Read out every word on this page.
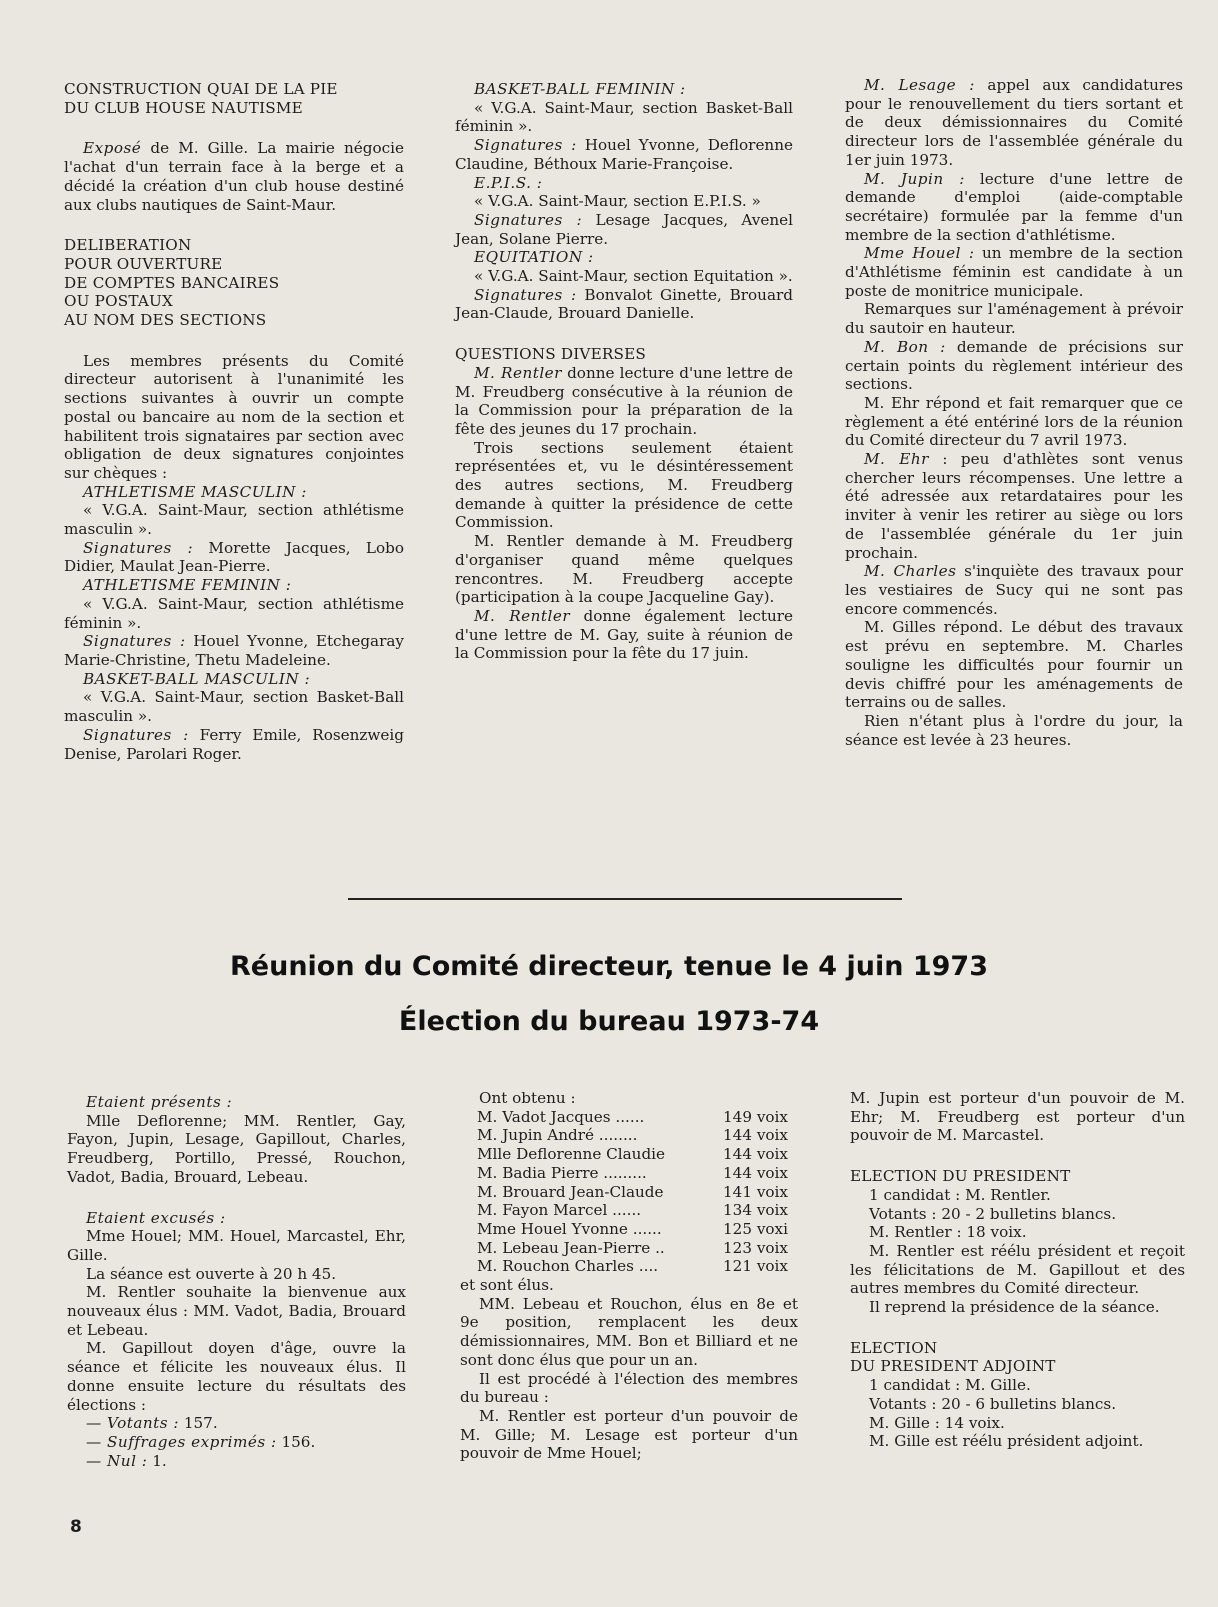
CONSTRUCTION QUAI DE LA PIE
DU CLUB HOUSE NAUTISME

Exposé de M. Gille. La mairie négocie l'achat d'un terrain face à la berge et a décidé la création d'un club house destiné aux clubs nautiques de Saint-Maur.

DELIBERATION
POUR OUVERTURE
DE COMPTES BANCAIRES
OU POSTAUX
AU NOM DES SECTIONS

Les membres présents du Comité directeur autorisent à l'unanimité les sections suivantes à ouvrir un compte postal ou bancaire au nom de la section et habilitent trois signataires par section avec obligation de deux signatures conjointes sur chèques :

ATHLETISME MASCULIN :

« V.G.A. Saint-Maur, section athlétisme masculin ».

Signatures : Morette Jacques, Lobo Didier, Maulat Jean-Pierre.

ATHLETISME FEMININ :

« V.G.A. Saint-Maur, section athlétisme féminin ».

Signatures : Houel Yvonne, Etchegaray Marie-Christine, Thetu Madeleine.

BASKET-BALL MASCULIN :

« V.G.A. Saint-Maur, section Basket-Ball masculin ».

Signatures : Ferry Emile, Rosenzweig Denise, Parolari Roger.

BASKET-BALL FEMININ :

« V.G.A. Saint-Maur, section Basket-Ball féminin ».

Signatures : Houel Yvonne, Deflorenne Claudine, Béthoux Marie-Françoise.

E.P.I.S. :

« V.G.A. Saint-Maur, section E.P.I.S. »

Signatures : Lesage Jacques, Avenel Jean, Solane Pierre.

EQUITATION :

« V.G.A. Saint-Maur, section Equitation ».

Signatures : Bonvalot Ginette, Brouard Jean-Claude, Brouard Danielle.

QUESTIONS DIVERSES

M. Rentler donne lecture d'une lettre de M. Freudberg consécutive à la réunion de la Commission pour la préparation de la fête des jeunes du 17 prochain.

Trois sections seulement étaient représentées et, vu le désintéressement des autres sections, M. Freudberg demande à quitter la présidence de cette Commission.

M. Rentler demande à M. Freudberg d'organiser quand même quelques rencontres. M. Freudberg accepte (participation à la coupe Jacqueline Gay).

M. Rentler donne également lecture d'une lettre de M. Gay, suite à réunion de la Commission pour la fête du 17 juin.

M. Lesage : appel aux candidatures pour le renouvellement du tiers sortant et de deux démissionnaires du Comité directeur lors de l'assemblée générale du 1er juin 1973.

M. Jupin : lecture d'une lettre de demande d'emploi (aide-comptable secrétaire) formulée par la femme d'un membre de la section d'athlétisme.

Mme Houel : un membre de la section d'Athlétisme féminin est candidate à un poste de monitrice municipale.

Remarques sur l'aménagement à prévoir du sautoir en hauteur.

M. Bon : demande de précisions sur certain points du règlement intérieur des sections.

M. Ehr répond et fait remarquer que ce règlement a été entériné lors de la réunion du Comité directeur du 7 avril 1973.

M. Ehr : peu d'athlètes sont venus chercher leurs récompenses. Une lettre a été adressée aux retardataires pour les inviter à venir les retirer au siège ou lors de l'assemblée générale du 1er juin prochain.

M. Charles s'inquiète des travaux pour les vestiaires de Sucy qui ne sont pas encore commencés.

M. Gilles répond. Le début des travaux est prévu en septembre. M. Charles souligne les difficultés pour fournir un devis chiffré pour les aménagements de terrains ou de salles.

Rien n'étant plus à l'ordre du jour, la séance est levée à 23 heures.

Réunion du Comité directeur, tenue le 4 juin 1973
Élection du bureau 1973-74

Etaient présents :

Mlle Deflorenne; MM. Rentler, Gay, Fayon, Jupin, Lesage, Gapillout, Charles, Freudberg, Portillo, Pressé, Rouchon, Vadot, Badia, Brouard, Lebeau.

Etaient excusés :

Mme Houel; MM. Houel, Marcastel, Ehr, Gille.

La séance est ouverte à 20 h 45.

M. Rentler souhaite la bienvenue aux nouveaux élus : MM. Vadot, Badia, Brouard et Lebeau.

M. Gapillout doyen d'âge, ouvre la séance et félicite les nouveaux élus. Il donne ensuite lecture du résultats des élections :

— Votants : 157.

— Suffrages exprimés : 156.

— Nul : 1.

Ont obtenu :

M. Vadot Jacques ......	149 voix
M. Jupin André ........	144 voix
Mlle Deflorenne Claudie	144 voix
M. Badia Pierre .........	144 voix
M. Brouard Jean-Claude	141 voix
M. Fayon Marcel ......	134 voix
Mme Houel Yvonne ......	125 voxi
M. Lebeau Jean-Pierre ..	123 voix
M. Rouchon Charles ....	121 voix

et sont élus.

MM. Lebeau et Rouchon, élus en 8e et 9e position, remplacent les deux démissionnaires, MM. Bon et Billiard et ne sont donc élus que pour un an.

Il est procédé à l'élection des membres du bureau :

M. Rentler est porteur d'un pouvoir de M. Gille; M. Lesage est porteur d'un pouvoir de Mme Houel;

M. Jupin est porteur d'un pouvoir de M. Ehr; M. Freudberg est porteur d'un pouvoir de M. Marcastel.

ELECTION DU PRESIDENT

1 candidat : M. Rentler.

Votants : 20 - 2 bulletins blancs.

M. Rentler : 18 voix.

M. Rentler est réélu président et reçoit les félicitations de M. Gapillout et des autres membres du Comité directeur.

Il reprend la présidence de la séance.

ELECTION
DU PRESIDENT ADJOINT

1 candidat : M. Gille.

Votants : 20 - 6 bulletins blancs.

M. Gille : 14 voix.

M. Gille est réélu président adjoint.

8
